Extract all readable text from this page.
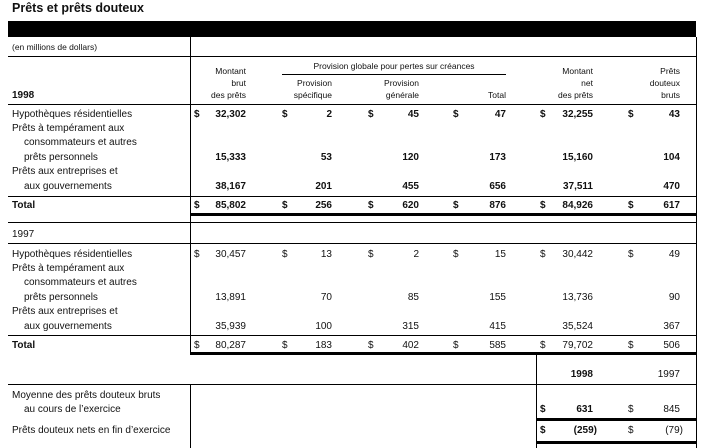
Prêts et prêts douteux
(en millions de dollars)
Provision globale pour pertes sur créances
Montant
brut
des prêts
Provision
spécifique
Provision
générale	Total
Montant
net
des prêts
Prêts
douteux
bruts
1998
Hypothèques résidentielles	$	32,302	$	2	$	45	$	47	$	32,255	$	43
Prêts à tempérament aux
consommateurs et autres
prêts personnels	15,333	53	120	173	15,160	104
Prêts aux entreprises et
aux gouvernements	38,167	201	455	656	37,511	470
Total	$	85,802	$	256	$	620	$	876	$	84,926	$	617
1997
Hypothèques résidentielles	$	30,457	$	13	$	2	$	15	$	30,442	$	49
Prêts à tempérament aux
consommateurs et autres
prêts personnels	13,891	70	85	155	13,736	90
Prêts aux entreprises et
aux gouvernements	35,939	100	315	415	35,524	367
Total	$	80,287	$	183	$	402	$	585	$	79,702	$	506
1998	1997
Moyenne des prêts douteux bruts
au cours de l’exercice	$	631	$	845
Prêts douteux nets en fin d’exercice	$	(259)	$	(79)
